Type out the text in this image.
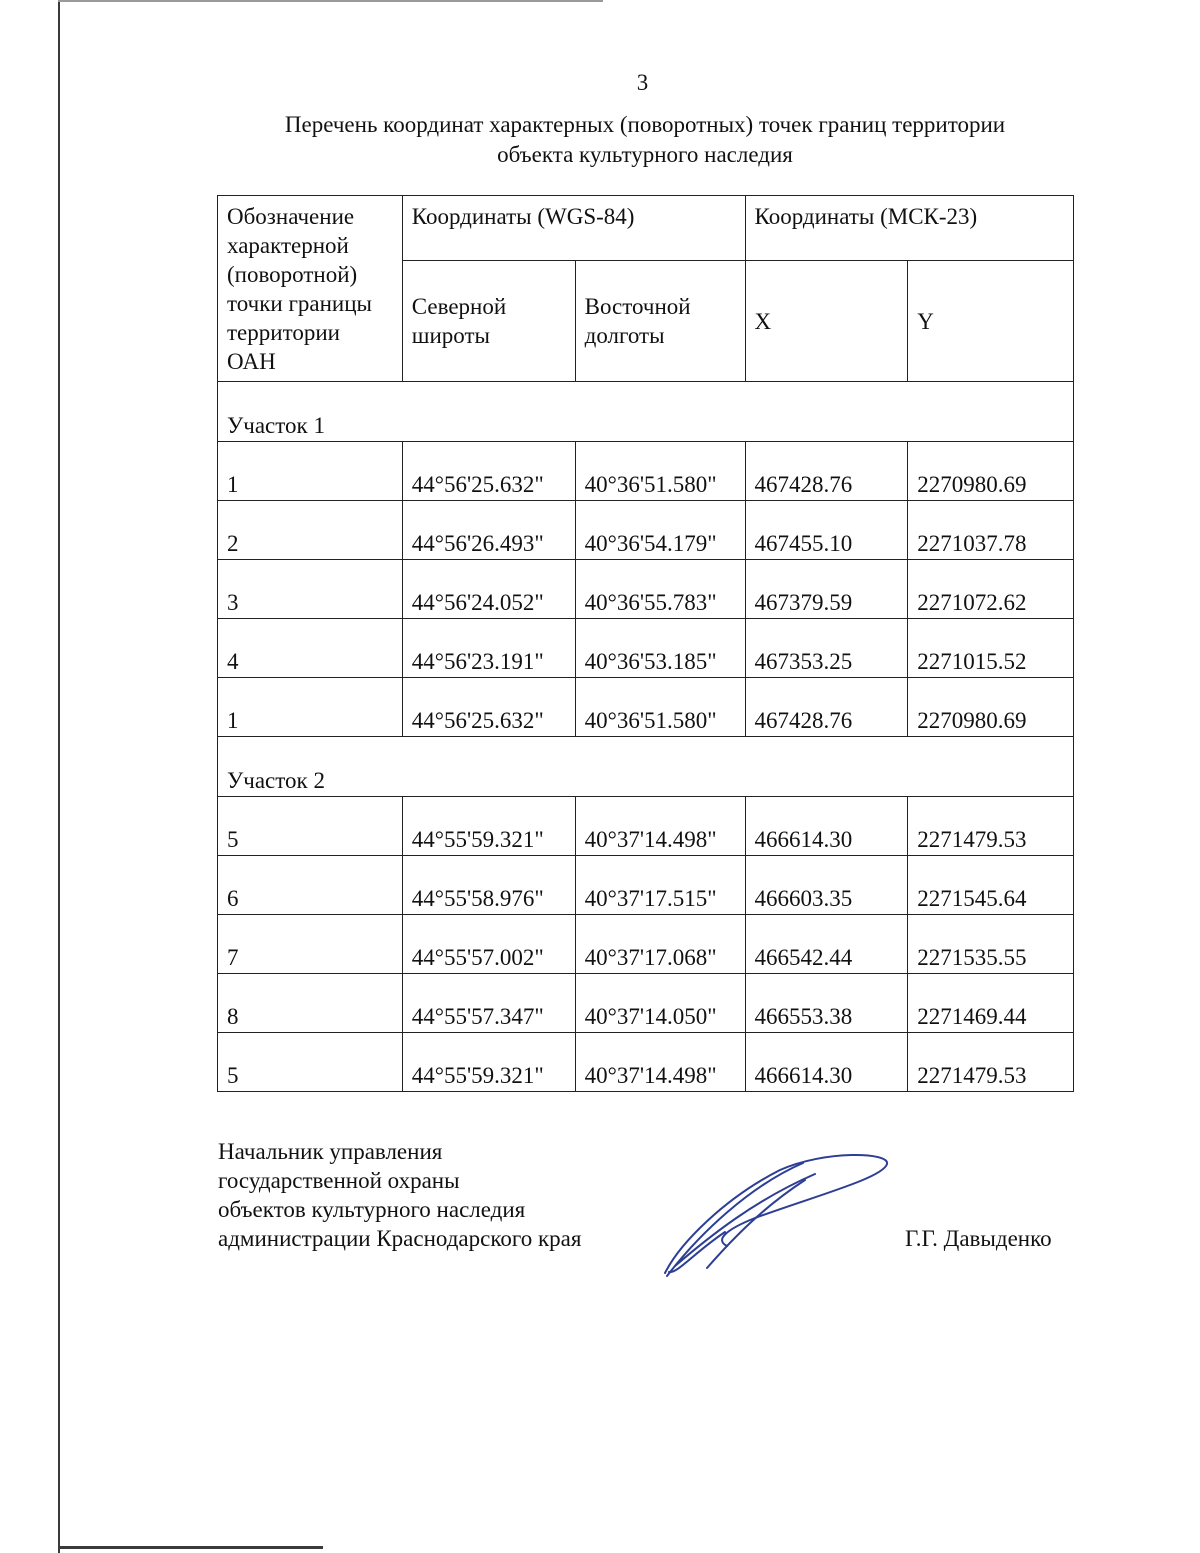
3
Перечень координат характерных (поворотных) точек границ территории
объекта культурного наследия
Обозначение характерной (поворотной) точки границы территории ОАН	Координаты (WGS-84)		Координаты (МСК-23)	
	Северной широты	Восточной долготы	X	Y
Участок 1				
1	44°56'25.632"	40°36'51.580"	467428.76	2270980.69
2	44°56'26.493"	40°36'54.179"	467455.10	2271037.78
3	44°56'24.052"	40°36'55.783"	467379.59	2271072.62
4	44°56'23.191"	40°36'53.185"	467353.25	2271015.52
1	44°56'25.632"	40°36'51.580"	467428.76	2270980.69
Участок 2				
5	44°55'59.321"	40°37'14.498"	466614.30	2271479.53
6	44°55'58.976"	40°37'17.515"	466603.35	2271545.64
7	44°55'57.002"	40°37'17.068"	466542.44	2271535.55
8	44°55'57.347"	40°37'14.050"	466553.38	2271469.44
5	44°55'59.321"	40°37'14.498"	466614.30	2271479.53
Начальник управления
государственной охраны
объектов культурного наследия
администрации Краснодарского края	Г.Г. Давыденко
